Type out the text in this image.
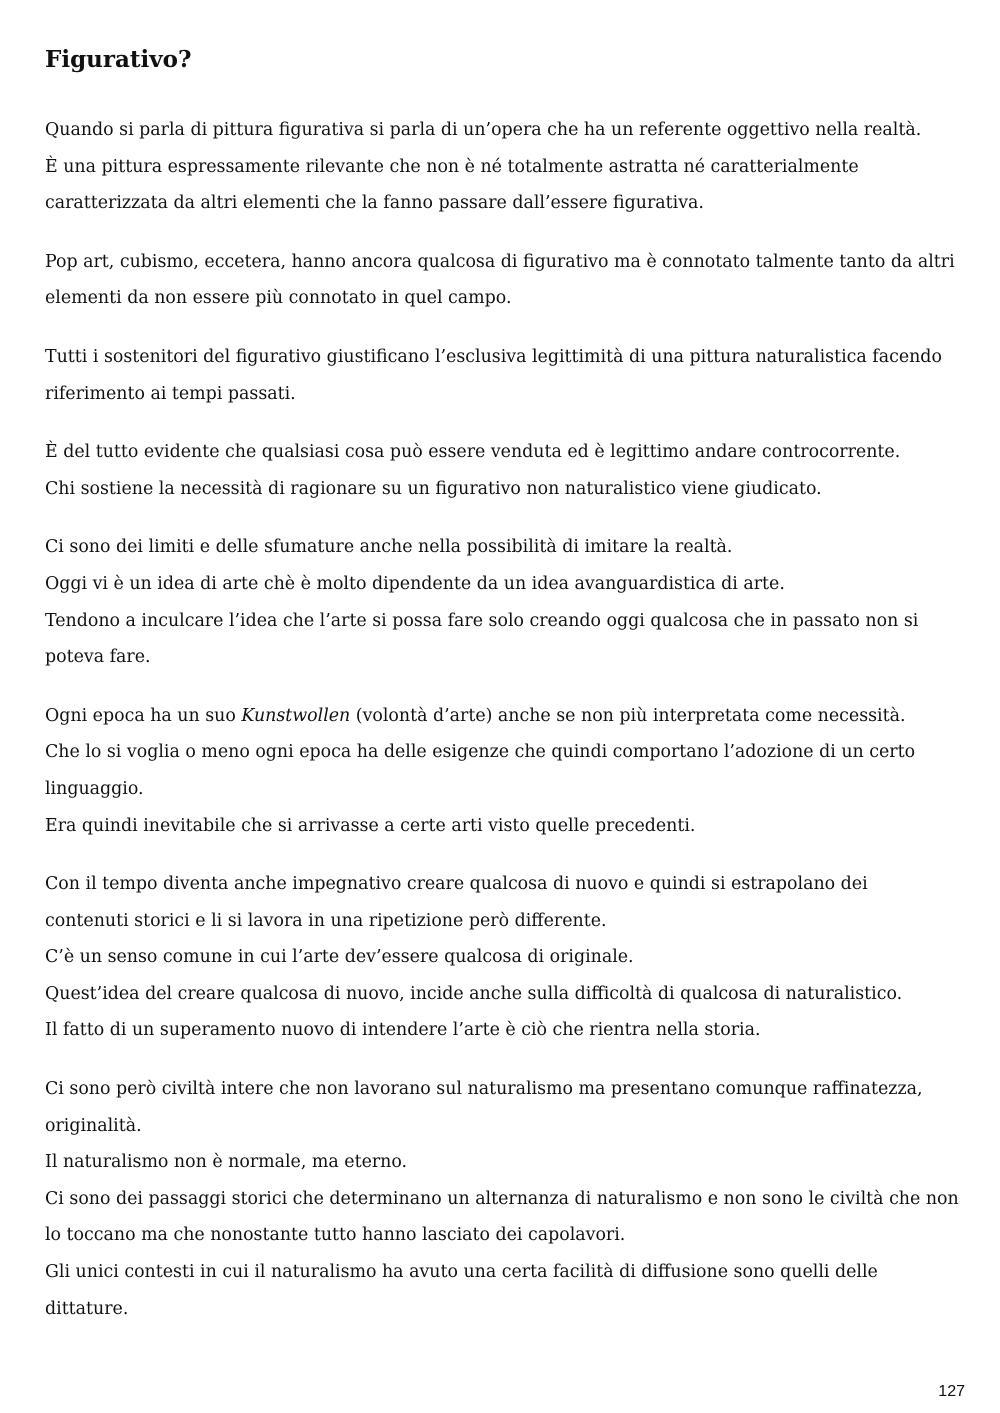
Figurativo?

Quando si parla di pittura figurativa si parla di un’opera che ha un referente oggettivo nella realtà.
È una pittura espressamente rilevante che non è né totalmente astratta né caratterialmente
caratterizzata da altri elementi che la fanno passare dall’essere figurativa.

Pop art, cubismo, eccetera, hanno ancora qualcosa di figurativo ma è connotato talmente tanto da altri
elementi da non essere più connotato in quel campo.

Tutti i sostenitori del figurativo giustificano l’esclusiva legittimità di una pittura naturalistica facendo
riferimento ai tempi passati.

È del tutto evidente che qualsiasi cosa può essere venduta ed è legittimo andare controcorrente.
Chi sostiene la necessità di ragionare su un figurativo non naturalistico viene giudicato.

Ci sono dei limiti e delle sfumature anche nella possibilità di imitare la realtà.
Oggi vi è un idea di arte chè è molto dipendente da un idea avanguardistica di arte.
Tendono a inculcare l’idea che l’arte si possa fare solo creando oggi qualcosa che in passato non si
poteva fare.

Ogni epoca ha un suo Kunstwollen (volontà d’arte) anche se non più interpretata come necessità.
Che lo si voglia o meno ogni epoca ha delle esigenze che quindi comportano l’adozione di un certo
linguaggio.
Era quindi inevitabile che si arrivasse a certe arti visto quelle precedenti.

Con il tempo diventa anche impegnativo creare qualcosa di nuovo e quindi si estrapolano dei
contenuti storici e li si lavora in una ripetizione però differente.
C’è un senso comune in cui l’arte dev’essere qualcosa di originale.
Quest’idea del creare qualcosa di nuovo, incide anche sulla difficoltà di qualcosa di naturalistico.
Il fatto di un superamento nuovo di intendere l’arte è ciò che rientra nella storia.

Ci sono però civiltà intere che non lavorano sul naturalismo ma presentano comunque raffinatezza,
originalità.
Il naturalismo non è normale, ma eterno.
Ci sono dei passaggi storici che determinano un alternanza di naturalismo e non sono le civiltà che non
lo toccano ma che nonostante tutto hanno lasciato dei capolavori.
Gli unici contesti in cui il naturalismo ha avuto una certa facilità di diffusione sono quelli delle
dittature.

127
